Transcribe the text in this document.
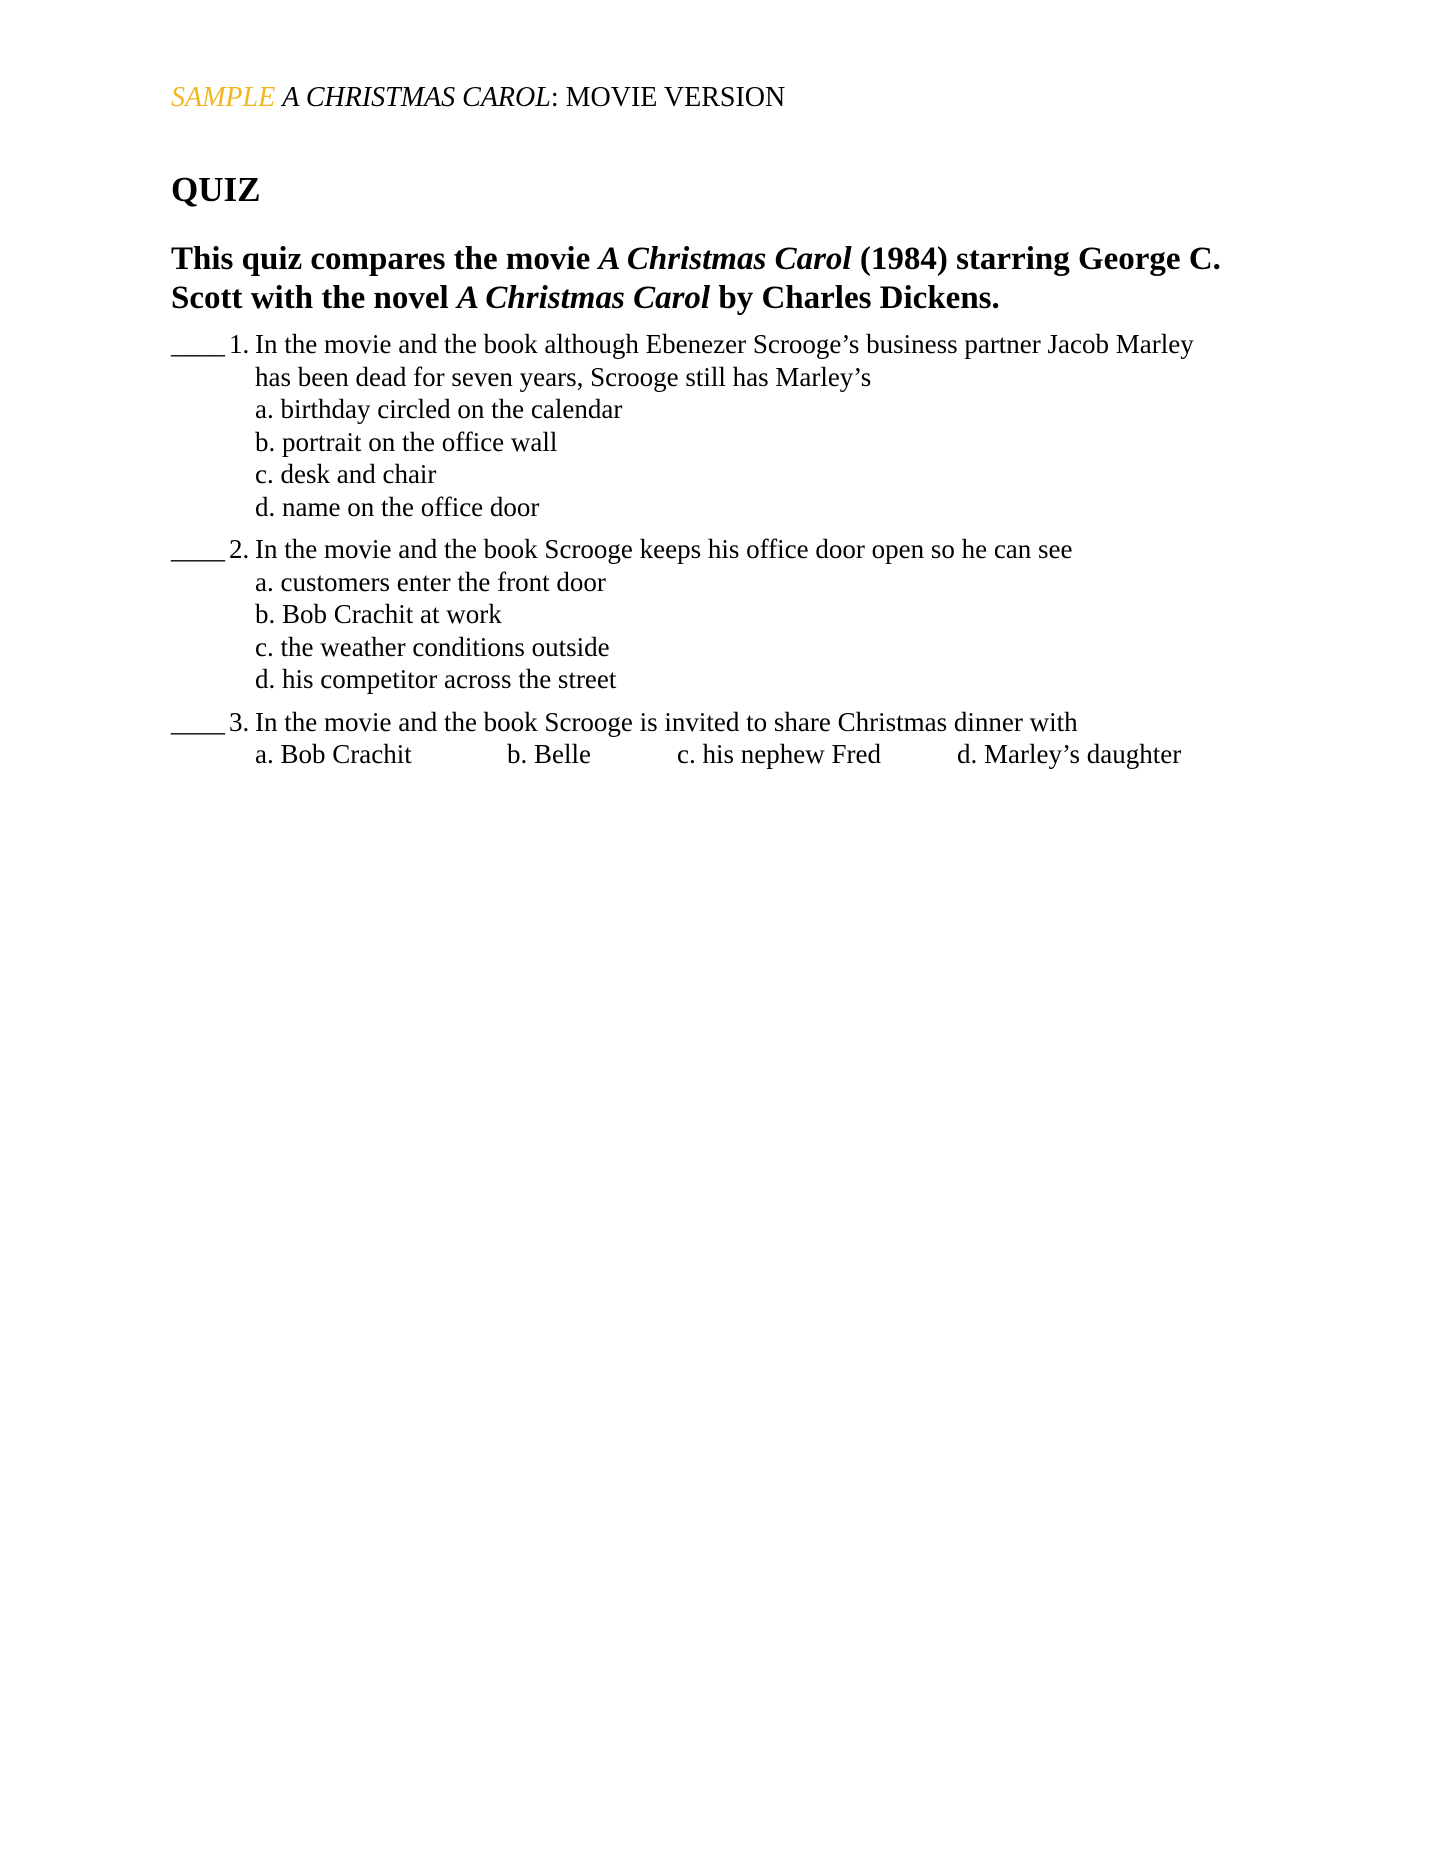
SAMPLE A CHRISTMAS CAROL: MOVIE VERSION
QUIZ
This quiz compares the movie A Christmas Carol (1984) starring George C. Scott with the novel A Christmas Carol by Charles Dickens.
____ 1. In the movie and the book although Ebenezer Scrooge’s business partner Jacob Marley
has been dead for seven years, Scrooge still has Marley’s
a. birthday circled on the calendar
b. portrait on the office wall
c. desk and chair
d. name on the office door
____ 2. In the movie and the book Scrooge keeps his office door open so he can see
a. customers enter the front door
b. Bob Crachit at work
c. the weather conditions outside
d. his competitor across the street
____ 3. In the movie and the book Scrooge is invited to share Christmas dinner with
a. Bob Crachit	b. Belle	c. his nephew Fred	d. Marley’s daughter
